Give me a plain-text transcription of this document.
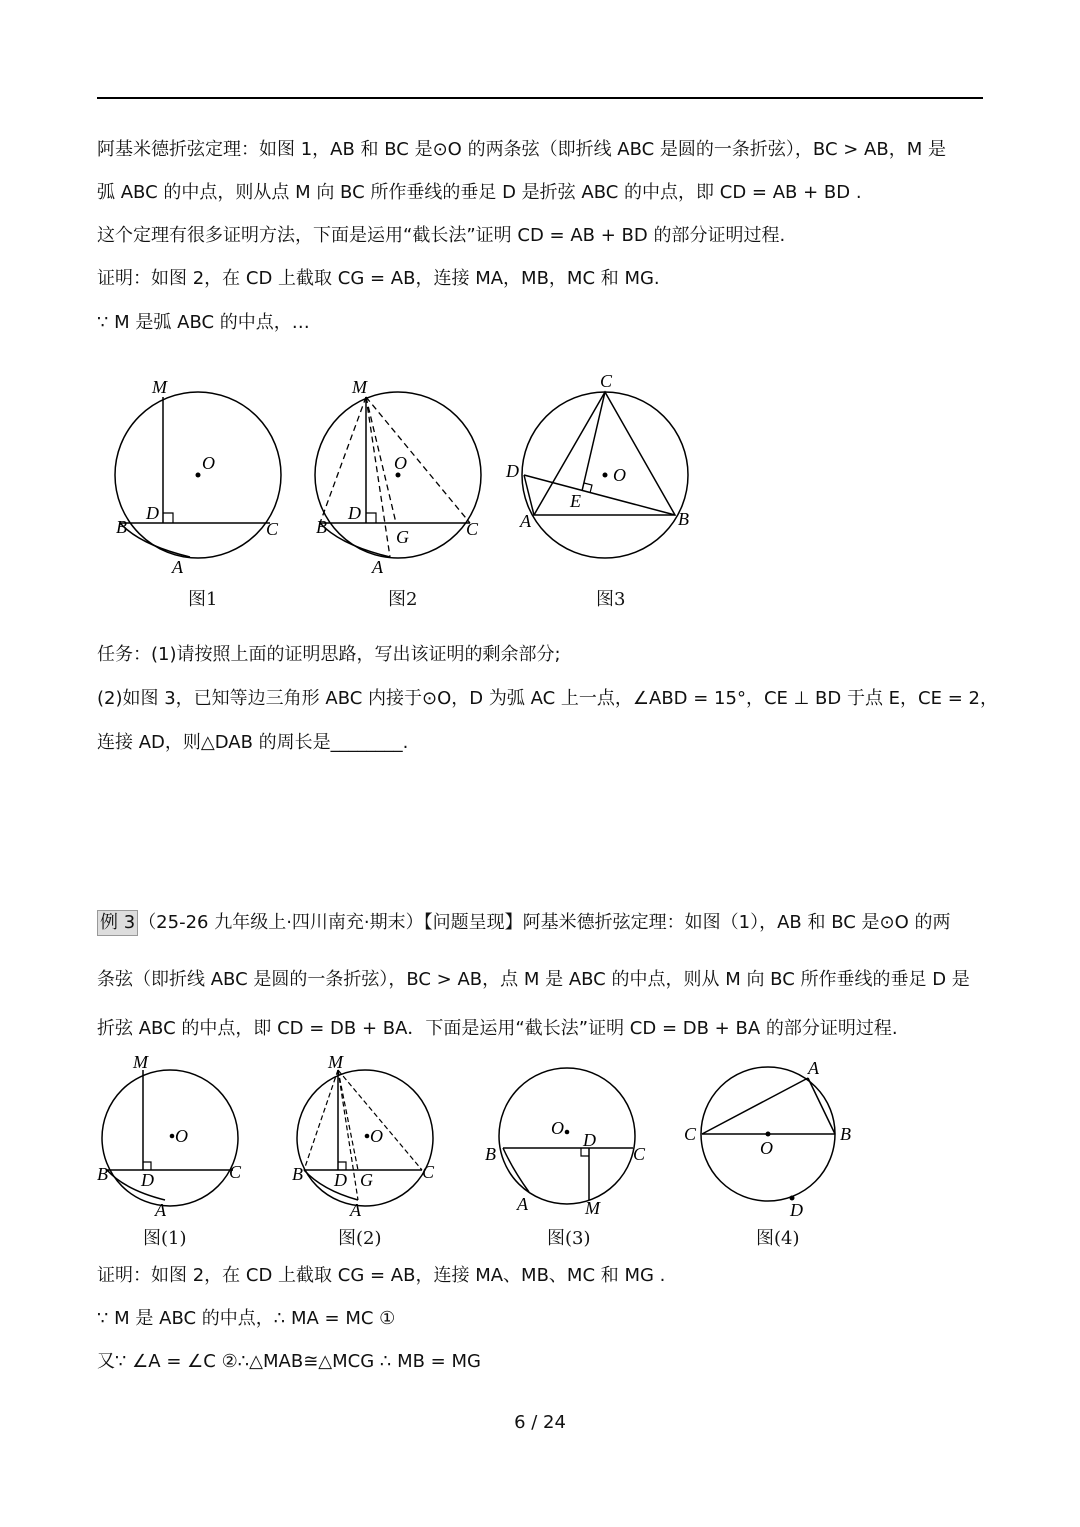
阿基米德折弦定理：如图 1，AB 和 BC 是⊙O 的两条弦（即折线 ABC 是圆的一条折弦），BC > AB，M 是
弧 ABC 的中点，则从点 M 向 BC 所作垂线的垂足 D 是折弦 ABC 的中点，即 CD = AB + BD .
这个定理有很多证明方法，下面是运用“截长法”证明 CD = AB + BD 的部分证明过程.
证明：如图 2，在 CD 上截取 CG = AB，连接 MA，MB，MC 和 MG.
∵ M 是弧 ABC 的中点，…
M
O
D
B	C
A
图1
M
O
D
B	C
G
A
图2
C
O
D
E
A	B
图3
任务：(1)请按照上面的证明思路，写出该证明的剩余部分;
(2)如图 3，已知等边三角形 ABC 内接于⊙O，D 为弧 AC 上一点，∠ABD = 15°，CE ⊥ BD 于点 E，CE = 2，
连接 AD，则△DAB 的周长是________.
例 3 （25-26 九年级上·四川南充·期末）【问题呈现】阿基米德折弦定理：如图（1），AB 和 BC 是⊙O 的两
条弦（即折线 ABC 是圆的一条折弦），BC > AB，点 M 是 ABC 的中点，则从 M 向 BC 所作垂线的垂足 D 是
折弦 ABC 的中点，即 CD = DB + BA．下面是运用“截长法”证明 CD = DB + BA 的部分证明过程.
M
O
D
B	C
A
图(1)
M
O
D G
B	C
A
图(2)
O
D
B	C
A	M
图(3)
C
A
B
O
D
图(4)
证明：如图 2，在 CD 上截取 CG = AB，连接 MA、MB、MC 和 MG .
∵ M 是 ABC 的中点，∴ MA = MC ①
又∵ ∠A = ∠C ②∴△MAB≅△MCG ∴ MB = MG
6 / 24
